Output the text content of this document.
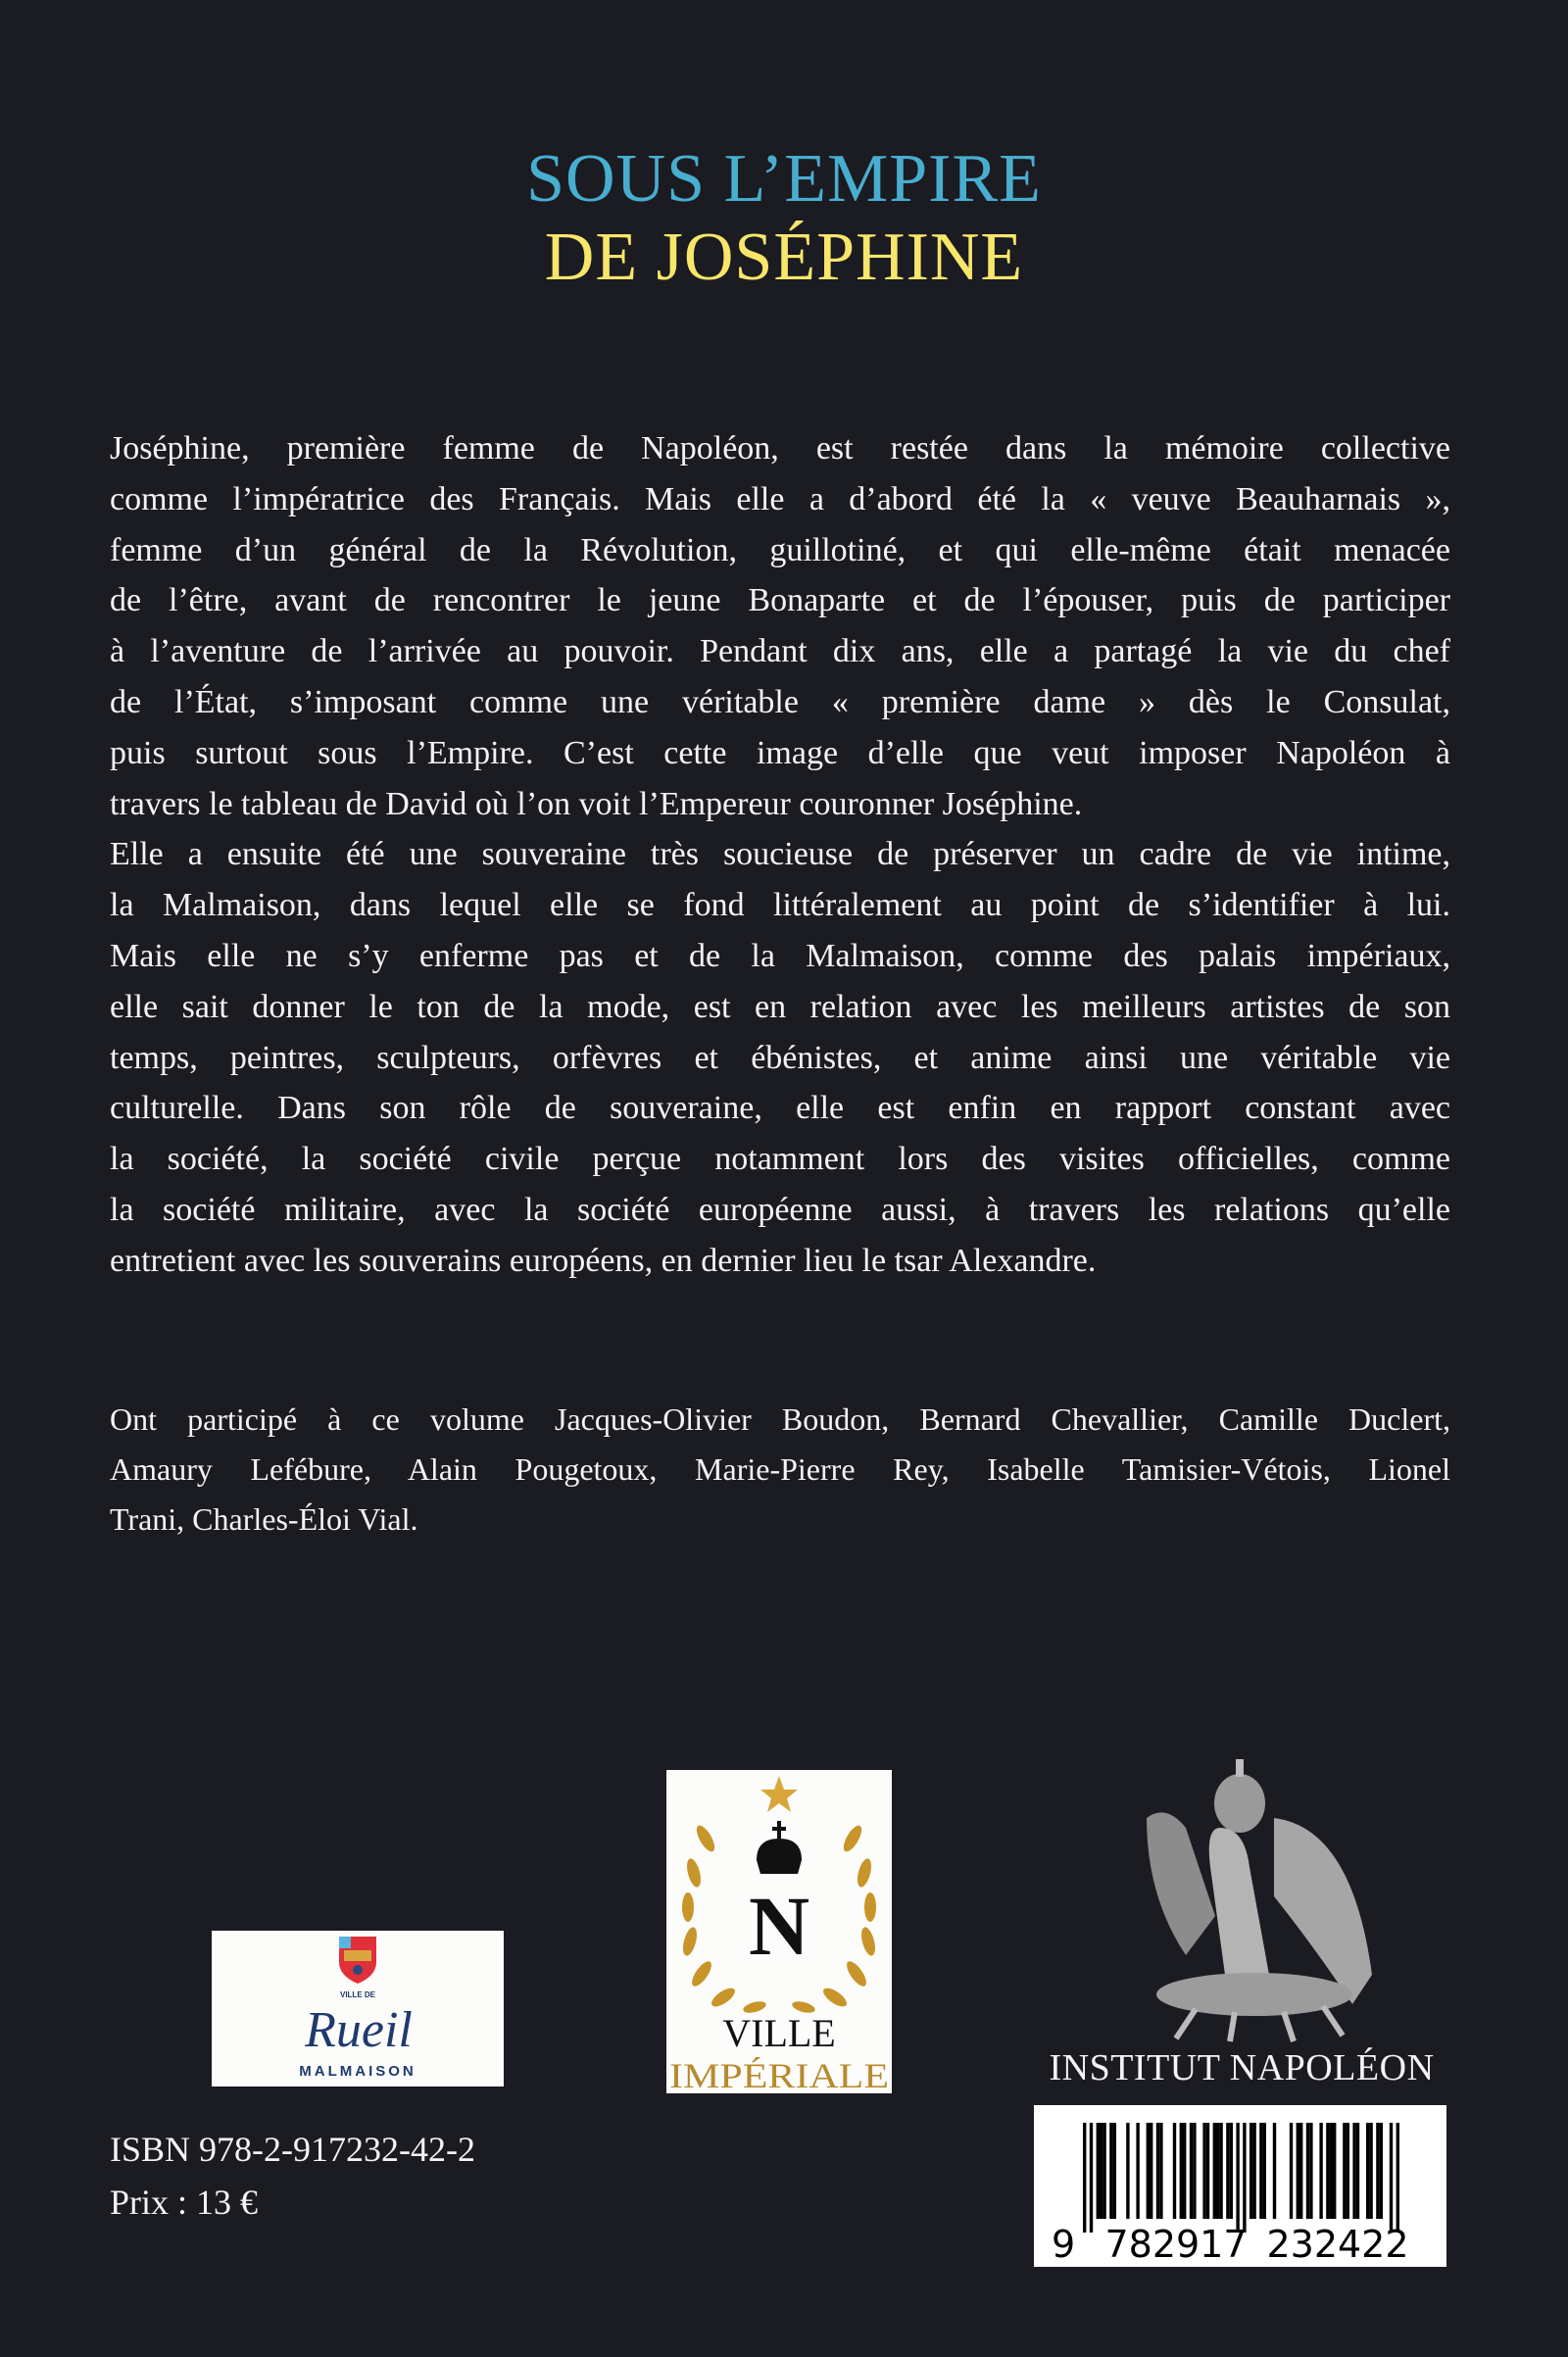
SOUS L’EMPIRE
DE JOSÉPHINE
Joséphine, première femme de Napoléon, est restée dans la mémoire collective
comme l’impératrice des Français. Mais elle a d’abord été la « veuve Beauharnais »,
femme d’un général de la Révolution, guillotiné, et qui elle-même était menacée
de l’être, avant de rencontrer le jeune Bonaparte et de l’épouser, puis de participer
à l’aventure de l’arrivée au pouvoir. Pendant dix ans, elle a partagé la vie du chef
de l’État, s’imposant comme une véritable « première dame » dès le Consulat,
puis surtout sous l’Empire. C’est cette image d’elle que veut imposer Napoléon à
travers le tableau de David où l’on voit l’Empereur couronner Joséphine.
Elle a ensuite été une souveraine très soucieuse de préserver un cadre de vie intime,
la Malmaison, dans lequel elle se fond littéralement au point de s’identifier à lui.
Mais elle ne s’y enferme pas et de la Malmaison, comme des palais impériaux,
elle sait donner le ton de la mode, est en relation avec les meilleurs artistes de son
temps, peintres, sculpteurs, orfèvres et ébénistes, et anime ainsi une véritable vie
culturelle. Dans son rôle de souveraine, elle est enfin en rapport constant avec
la société, la société civile perçue notamment lors des visites officielles, comme
la société militaire, avec la société européenne aussi, à travers les relations qu’elle
entretient avec les souverains européens, en dernier lieu le tsar Alexandre.
Ont participé à ce volume Jacques-Olivier Boudon, Bernard Chevallier, Camille Duclert,
Amaury Lefébure, Alain Pougetoux, Marie-Pierre Rey, Isabelle Tamisier-Vétois, Lionel
Trani, Charles-Éloi Vial.
VILLE DE
Rueil
MALMAISON
N
VILLE
IMPÉRIALE	INSTITUT NAPOLÉON
ISBN 978-2-917232-42-2
Prix : 13 €
9 782917 232422
